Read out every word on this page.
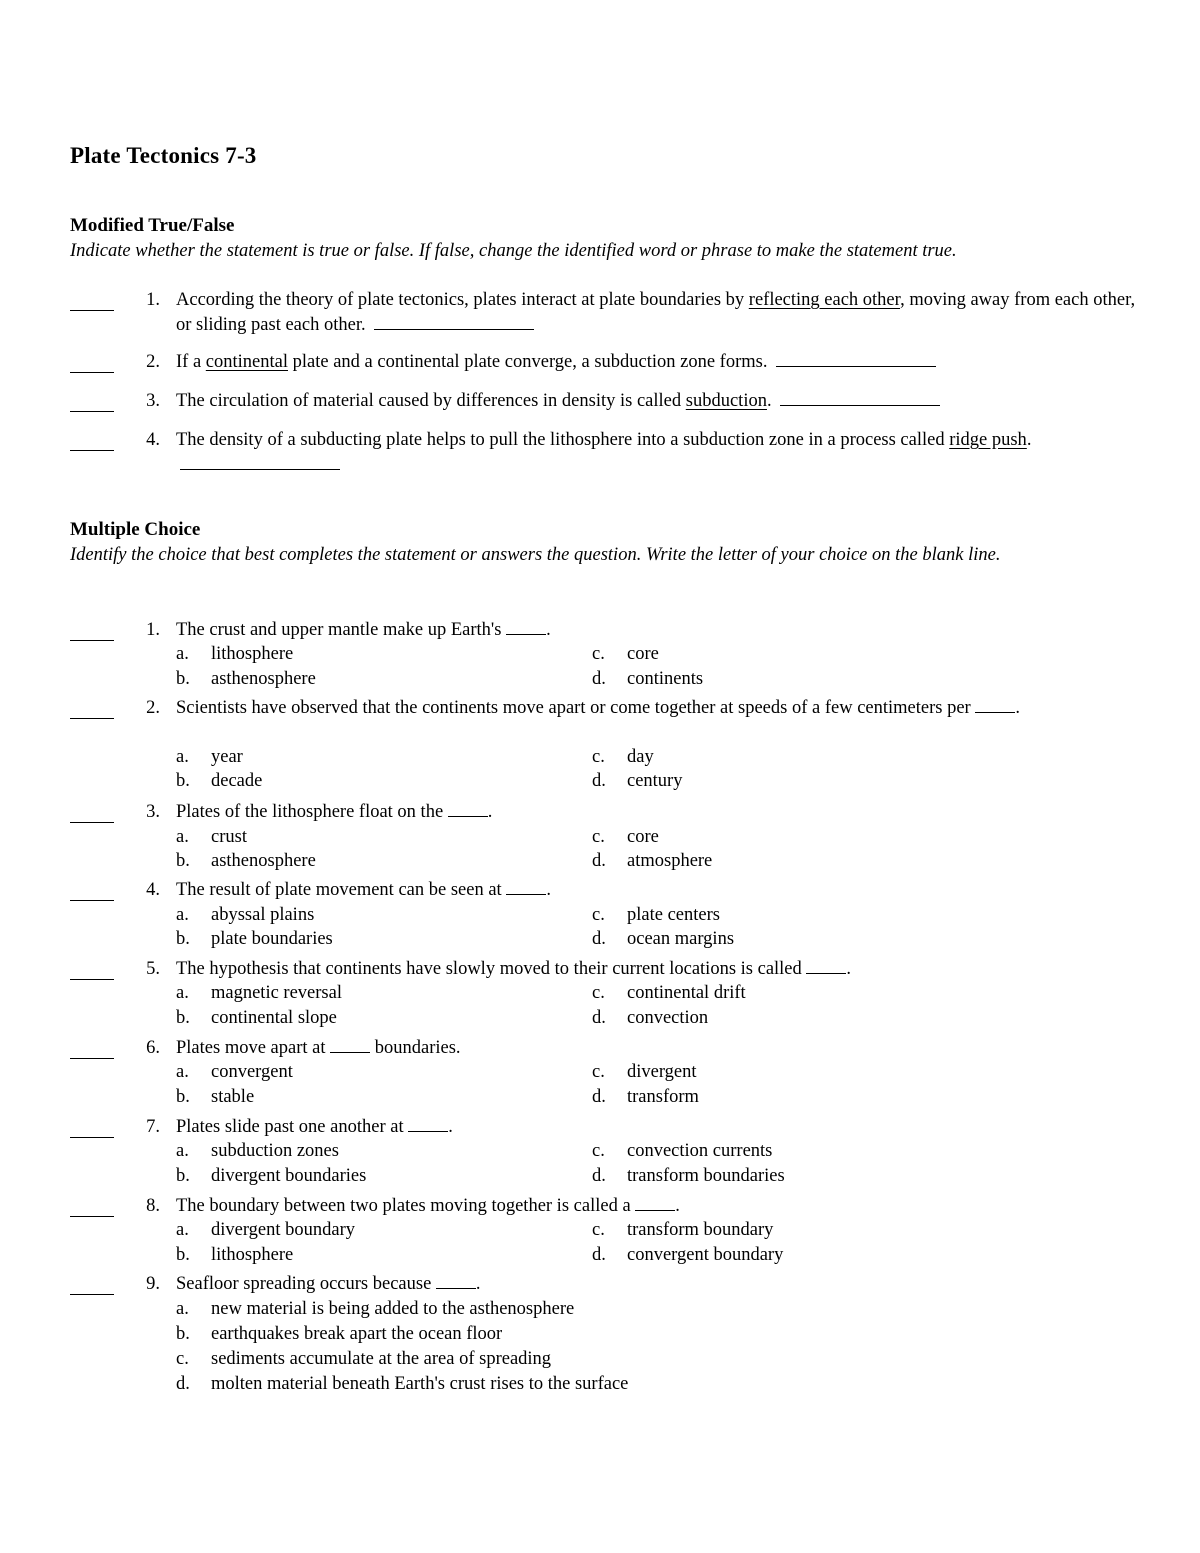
Plate Tectonics 7-3
Modified True/False
Indicate whether the statement is true or false. If false, change the identified word or phrase to make the statement true.
1. According the theory of plate tectonics, plates interact at plate boundaries by reflecting each other, moving away from each other, or sliding past each other.
2. If a continental plate and a continental plate converge, a subduction zone forms.
3. The circulation of material caused by differences in density is called subduction.
4. The density of a subducting plate helps to pull the lithosphere into a subduction zone in a process called ridge push.
Multiple Choice
Identify the choice that best completes the statement or answers the question. Write the letter of your choice on the blank line.
1. The crust and upper mantle make up Earth's .
a. lithosphere
b. asthenosphere
c. core
d. continents
2. Scientists have observed that the continents move apart or come together at speeds of a few centimeters per .
a. year
b. decade
c. day
d. century
3. Plates of the lithosphere float on the .
a. crust
b. asthenosphere
c. core
d. atmosphere
4. The result of plate movement can be seen at .
a. abyssal plains
b. plate boundaries
c. plate centers
d. ocean margins
5. The hypothesis that continents have slowly moved to their current locations is called .
a. magnetic reversal
b. continental slope
c. continental drift
d. convection
6. Plates move apart at  boundaries.
a. convergent
b. stable
c. divergent
d. transform
7. Plates slide past one another at .
a. subduction zones
b. divergent boundaries
c. convection currents
d. transform boundaries
8. The boundary between two plates moving together is called a .
a. divergent boundary
b. lithosphere
c. transform boundary
d. convergent boundary
9. Seafloor spreading occurs because .
a. new material is being added to the asthenosphere
b. earthquakes break apart the ocean floor
c. sediments accumulate at the area of spreading
d. molten material beneath Earth's crust rises to the surface
